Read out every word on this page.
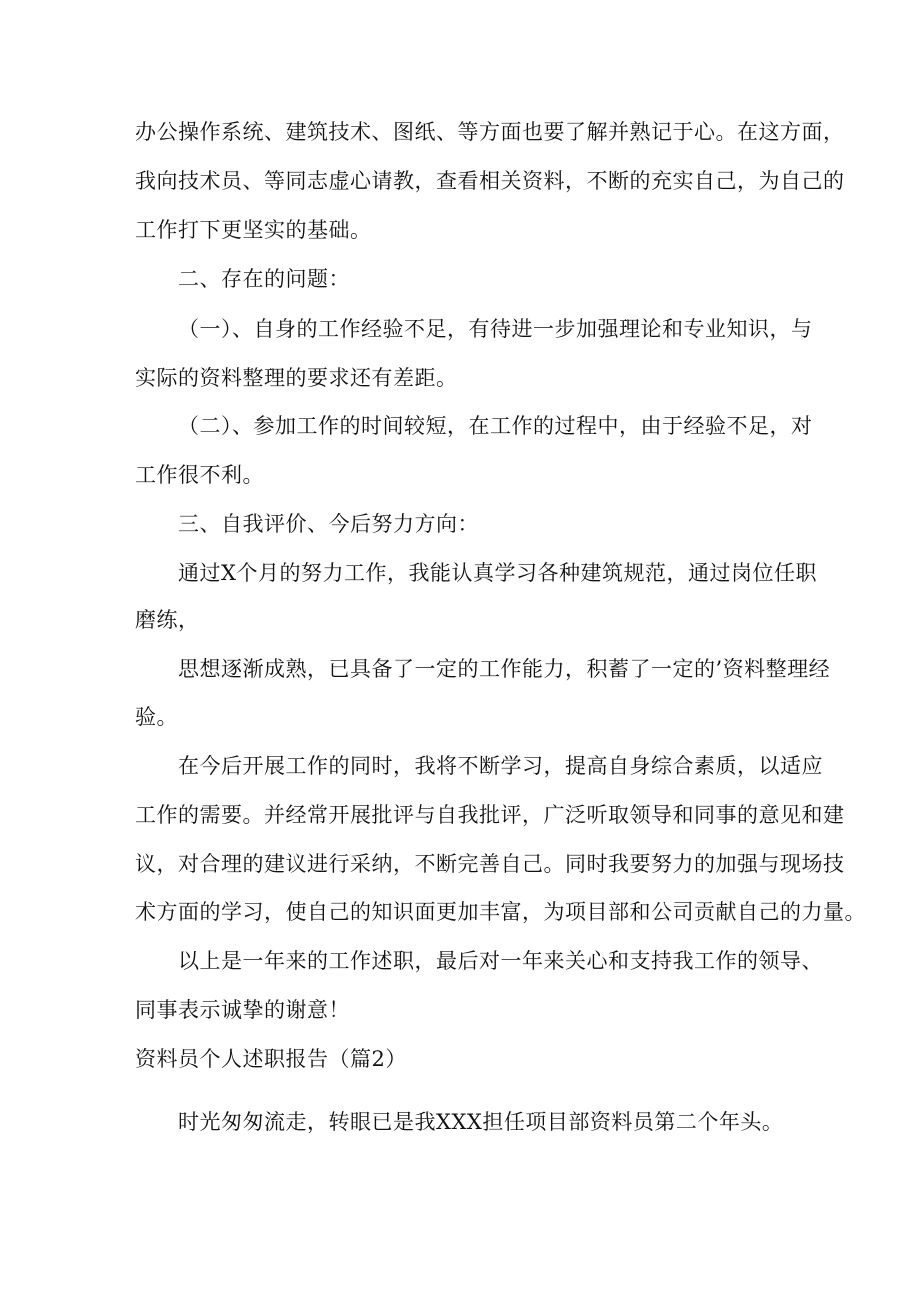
办公操作系统、建筑技术、图纸、等方面也要了解并熟记于心。在这方面，
我向技术员、等同志虚心请教，查看相关资料，不断的充实自己，为自己的
工作打下更坚实的基础。
二、存在的问题：
（一）、自身的工作经验不足，有待进一步加强理论和专业知识，与
实际的资料整理的要求还有差距。
（二）、参加工作的时间较短，在工作的过程中，由于经验不足，对
工作很不利。
三、自我评价、今后努力方向：
通过X个月的努力工作，我能认真学习各种建筑规范，通过岗位任职
磨练，
思想逐渐成熟，已具备了一定的工作能力，积蓄了一定的’资料整理经
验。
在今后开展工作的同时，我将不断学习，提高自身综合素质，以适应
工作的需要。并经常开展批评与自我批评，广泛听取领导和同事的意见和建
议，对合理的建议进行采纳，不断完善自己。同时我要努力的加强与现场技
术方面的学习，使自己的知识面更加丰富，为项目部和公司贡献自己的力量。
以上是一年来的工作述职，最后对一年来关心和支持我工作的领导、
同事表示诚挚的谢意！
资料员个人述职报告（篇2）
时光匆匆流走，转眼已是我XXX担任项目部资料员第二个年头。
